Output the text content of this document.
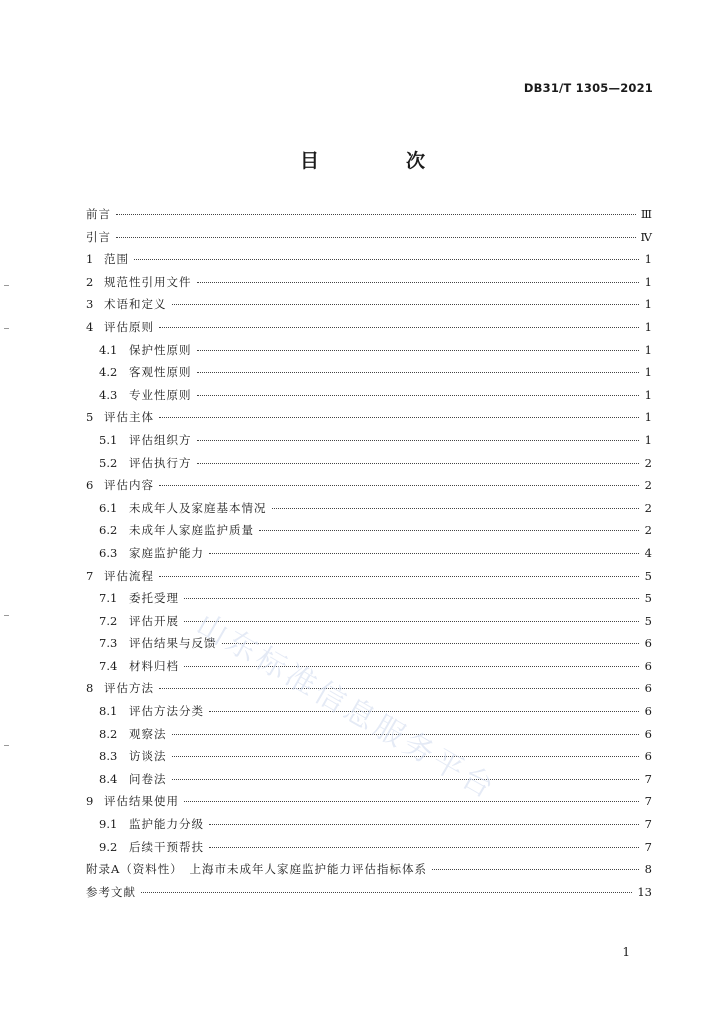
DB31/T 1305—2021
目　次
前言	Ⅲ
引言	Ⅳ
1 范围	1
2 规范性引用文件	1
3 术语和定义	1
4 评估原则	1
4.1	保护性原则	1
4.2	客观性原则	1
4.3	专业性原则	1
5 评估主体	1
5.1	评估组织方	1
5.2	评估执行方	2
6 评估内容	2
6.1	未成年人及家庭基本情况	2
6.2	未成年人家庭监护质量	2
6.3	家庭监护能力	4
7 评估流程	5
7.1	委托受理	5
7.2	评估开展	5
7.3	评估结果与反馈	6
7.4	材料归档	6
8 评估方法	6
8.1	评估方法分类	6
8.2	观察法	6
8.3	访谈法	6
8.4	问卷法	7
9 评估结果使用	7
9.1	监护能力分级	7
9.2	后续干预帮扶	7
附录A（资料性）　上海市未成年人家庭监护能力评估指标体系	8
参考文献	13
山东标准信息服务平台
1
